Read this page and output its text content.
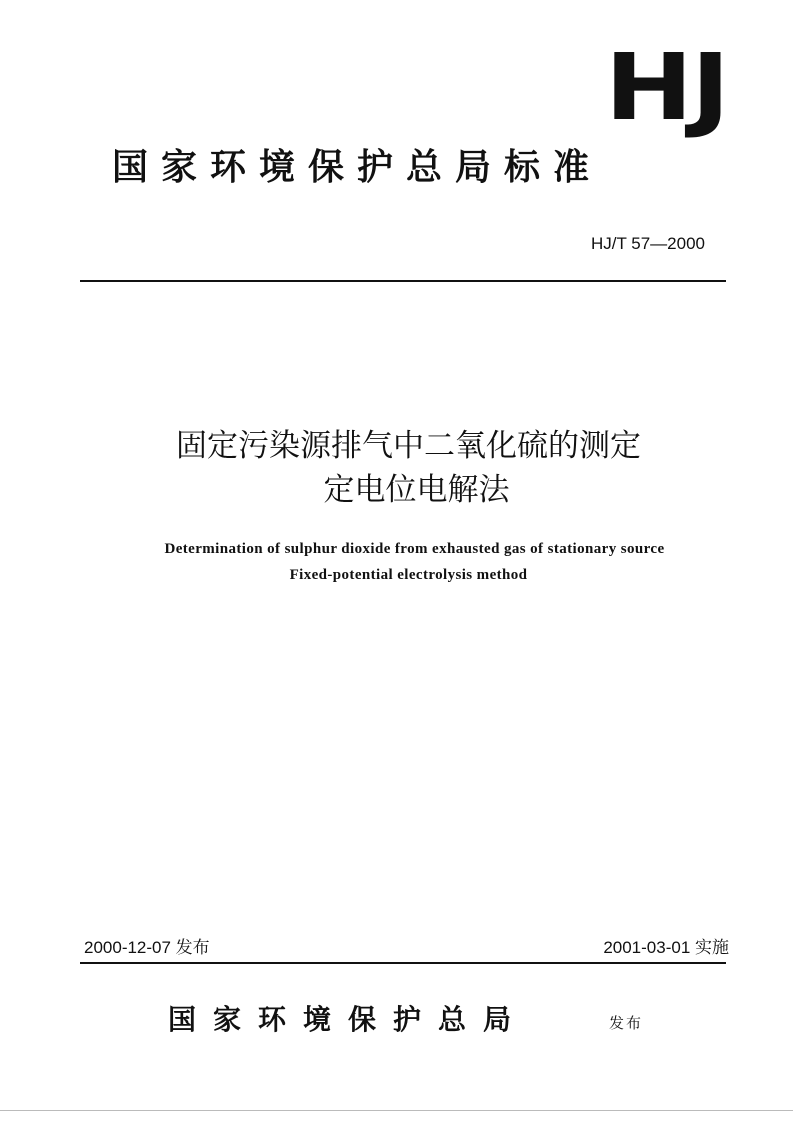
HJ
国家环境保护总局标准
HJ/T 57—2000
固定污染源排气中二氧化硫的测定
定电位电解法
Determination of sulphur dioxide from exhausted gas of stationary source
Fixed-potential electrolysis method
2000-12-07 发布	2001-03-01 实施
国家环境保护总局	发布
